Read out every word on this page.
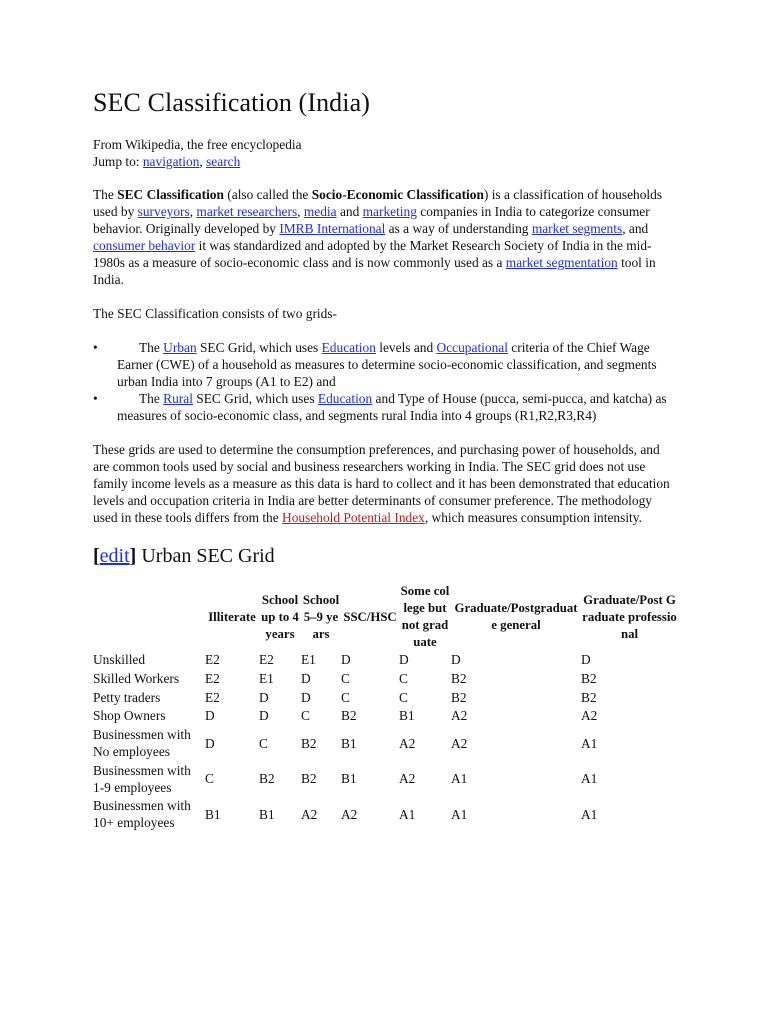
SEC Classification (India)
From Wikipedia, the free encyclopedia
Jump to: navigation, search

The SEC Classification (also called the Socio-Economic Classification) is a classification of households used by surveyors, market researchers, media and marketing companies in India to categorize consumer behavior. Originally developed by IMRB International as a way of understanding market segments, and consumer behavior it was standardized and adopted by the Market Research Society of India in the mid-1980s as a measure of socio-economic class and is now commonly used as a market segmentation tool in India.

The SEC Classification consists of two grids-

•	The Urban SEC Grid, which uses Education levels and Occupational criteria of the Chief Wage Earner (CWE) of a household as measures to determine socio-economic classification, and segments urban India into 7 groups (A1 to E2) and
•	The Rural SEC Grid, which uses Education and Type of House (pucca, semi-pucca, and katcha) as measures of socio-economic class, and segments rural India into 4 groups (R1,R2,R3,R4)

These grids are used to determine the consumption preferences, and purchasing power of households, and are common tools used by social and business researchers working in India. The SEC grid does not use family income levels as a measure as this data is hard to collect and it has been demonstrated that education levels and occupation criteria in India are better determinants of consumer preference. The methodology used in these tools differs from the Household Potential Index, which measures consumption intensity.

[edit] Urban SEC Grid
	Illiterate	School up to 4 years	School 5–9 years	SSC/HSC	Some college but not graduate	Graduate/Postgraduate general	Graduate/Post Graduate professional
Unskilled	E2	E2	E1	D	D	D	D
Skilled Workers	E2	E1	D	C	C	B2	B2
Petty traders	E2	D	D	C	C	B2	B2
Shop Owners	D	D	C	B2	B1	A2	A2
Businessmen with No employees	D	C	B2	B1	A2	A2	A1
Businessmen with 1-9 employees	C	B2	B2	B1	A2	A1	A1
Businessmen with 10+ employees	B1	B1	A2	A2	A1	A1	A1
